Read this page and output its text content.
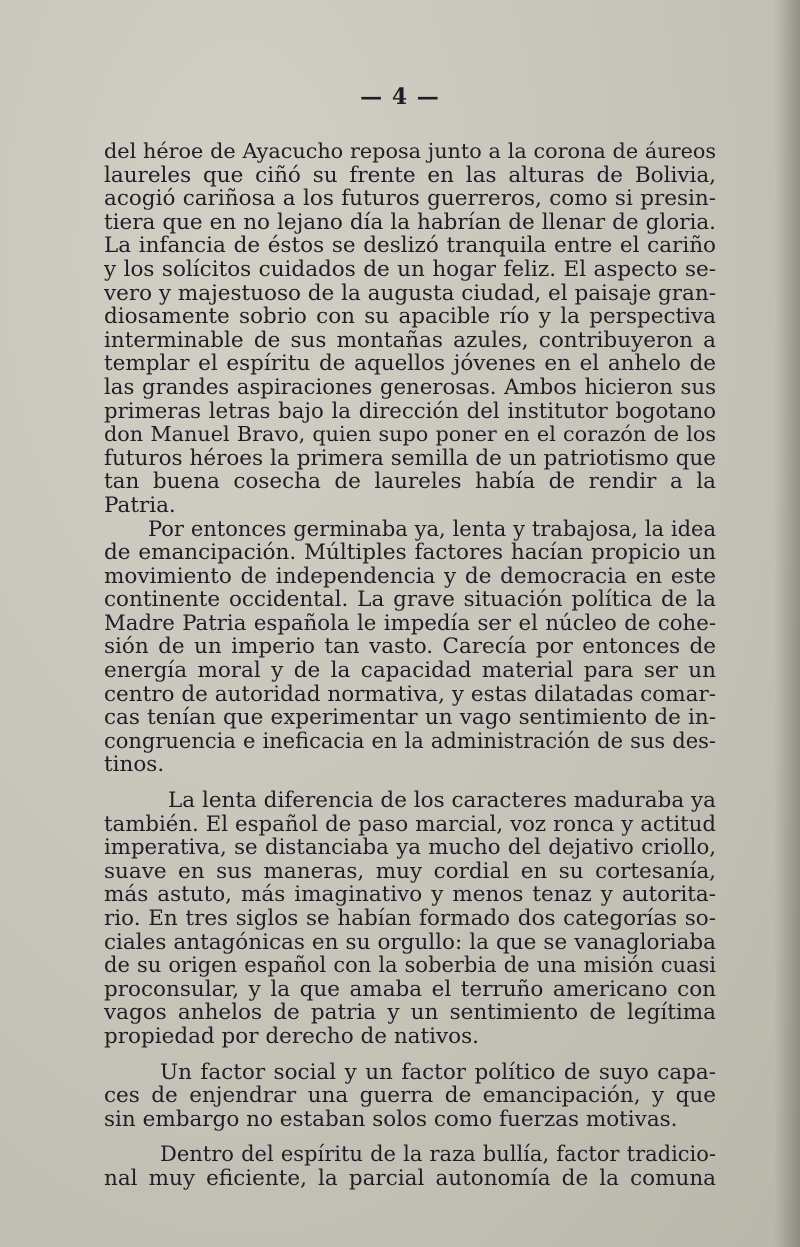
— 4 —
del héroe de Ayacucho reposa junto a la corona de áureos
laureles que ciñó su frente en las alturas de Bolivia,
acogió cariñosa a los futuros guerreros, como si presin-
tiera que en no lejano día la habrían de llenar de gloria.
La infancia de éstos se deslizó tranquila entre el cariño
y los solícitos cuidados de un hogar feliz. El aspecto se-
vero y majestuoso de la augusta ciudad, el paisaje gran-
diosamente sobrio con su apacible río y la perspectiva
interminable de sus montañas azules, contribuyeron a
templar el espíritu de aquellos jóvenes en el anhelo de
las grandes aspiraciones generosas. Ambos hicieron sus
primeras letras bajo la dirección del institutor bogotano
don Manuel Bravo, quien supo poner en el corazón de los
futuros héroes la primera semilla de un patriotismo que
tan buena cosecha de laureles había de rendir a la
Patria.
Por entonces germinaba ya, lenta y trabajosa, la idea
de emancipación. Múltiples factores hacían propicio un
movimiento de independencia y de democracia en este
continente occidental. La grave situación política de la
Madre Patria española le impedía ser el núcleo de cohe-
sión de un imperio tan vasto. Carecía por entonces de
energía moral y de la capacidad material para ser un
centro de autoridad normativa, y estas dilatadas comar-
cas tenían que experimentar un vago sentimiento de in-
congruencia e ineficacia en la administración de sus des-
tinos.
La lenta diferencia de los caracteres maduraba ya
también. El español de paso marcial, voz ronca y actitud
imperativa, se distanciaba ya mucho del dejativo criollo,
suave en sus maneras, muy cordial en su cortesanía,
más astuto, más imaginativo y menos tenaz y autorita-
rio. En tres siglos se habían formado dos categorías so-
ciales antagónicas en su orgullo: la que se vanagloriaba
de su origen español con la soberbia de una misión cuasi
proconsular, y la que amaba el terruño americano con
vagos anhelos de patria y un sentimiento de legítima
propiedad por derecho de nativos.
Un factor social y un factor político de suyo capa-
ces de enjendrar una guerra de emancipación, y que
sin embargo no estaban solos como fuerzas motivas.
Dentro del espíritu de la raza bullía, factor tradicio-
nal muy eficiente, la parcial autonomía de la comuna
